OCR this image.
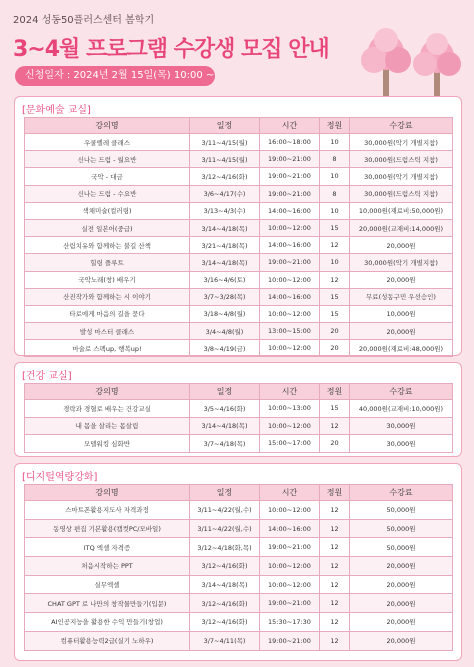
2024 성동50플러스센터 봄학기
3~4월 프로그램 수강생 모집 안내
신청일자 : 2024년 2월 15일(목) 10:00 ~
[문화예술 교실]
강의명	일정	시간	정원	수강료
우쿨렐레 클래스	3/11~4/15(월)	16:00~18:00	10	30,000원(악기 개별지참)
신나는 드럼 - 월요반	3/11~4/15(월)	19:00~21:00	8	30,000원(드럼스틱 지참)
국악 - 대금	3/12~4/16(화)	19:00~21:00	10	30,000원(악기 개별지참)
신나는 드럼 - 수요반	3/6~4/17(수)	19:00~21:00	8	30,000원(드럼스틱 지참)
색채미술(컬러링)	3/13~4/3(수)	14:00~16:00	10	10,000원(재료비:50,000원)
실전 일본어(중급)	3/14~4/18(목)	10:00~12:00	15	20,000원(교재비:14,000원)
산림치유와 함께하는 불길 산책	3/21~4/18(목)	14:00~16:00	12	20,000원
힐링 플루트	3/14~4/18(목)	19:00~21:00	10	30,000원(악기 개별지참)
국악노래(창) 배우기	3/16~4/6(토)	10:00~12:00	12	20,000원
산진작가와 함께하는 시 이야기	3/7~3/28(목)	14:00~16:00	15	무료(성동구민 우선승인)
타로에게 마음의 길을 묻다	3/18~4/8(월)	10:00~12:00	15	10,000원
발성 마스터 클래스	3/4~4/8(월)	13:00~15:00	20	20,000원
마술로 스펙up, 행복up!	3/8~4/19(금)	10:00~12:00	20	20,000원(재료비:48,000원)
[건강 교실]
강의명	일정	시간	정원	수강료
경락과 경혈로 배우는 건강교실	3/5~4/16(화)	10:00~13:00	15	40,000원(교재비:10,000원)
내 몸을 살리는 몸살림	3/14~4/18(목)	10:00~12:00	12	30,000원
모델워킹 심화반	3/7~4/18(목)	15:00~17:00	20	30,000원
[디지털역량강화]
강의명	일정	시간	정원	수강료
스마트폰활용지도사 자격과정	3/11~4/22(월,수)	10:00~12:00	12	50,000원
동영상 편집 기본활용(캡컷PC/모바일)	3/11~4/22(월,수)	14:00~16:00	12	50,000원
ITQ 엑셀 자격증	3/12~4/18(화,목)	19:00~21:00	12	50,000원
처음시작하는 PPT	3/12~4/16(화)	10:00~12:00	12	20,000원
실무엑셀	3/14~4/18(목)	10:00~12:00	12	20,000원
CHAT GPT 로 나만의 창작물만들기(입문)	3/12~4/16(화)	19:00~21:00	12	20,000원
AI인공지능을 활용한 수익 만들기(창업)	3/12~4/16(화)	15:30~17:30	12	20,000원
컴퓨터활용능력2급(실기 노하우)	3/7~4/11(목)	19:00~21:00	12	20,000원
